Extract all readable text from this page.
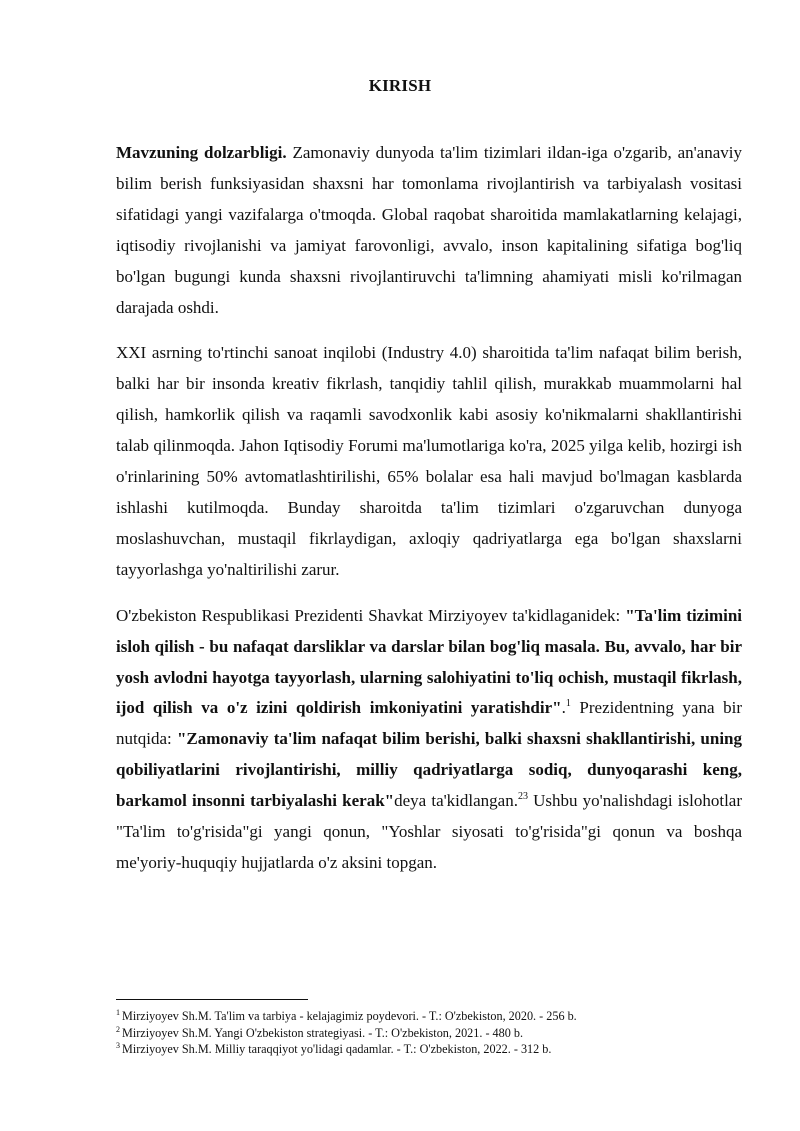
KIRISH

Mavzuning dolzarbligi. Zamonaviy dunyoda ta'lim tizimlari ildan-iga o'zgarib, an'anaviy bilim berish funksiyasidan shaxsni har tomonlama rivojlantirish va tarbiyalash vositasi sifatidagi yangi vazifalarga o'tmoqda. Global raqobat sharoitida mamlakatlarning kelajagi, iqtisodiy rivojlanishi va jamiyat farovonligi, avvalo, inson kapitalining sifatiga bog'liq bo'lgan bugungi kunda shaxsni rivojlantiruvchi ta'limning ahamiyati misli ko'rilmagan darajada oshdi.

XXI asrning to'rtinchi sanoat inqilobi (Industry 4.0) sharoitida ta'lim nafaqat bilim berish, balki har bir insonda kreativ fikrlash, tanqidiy tahlil qilish, murakkab muammolarni hal qilish, hamkorlik qilish va raqamli savodxonlik kabi asosiy ko'nikmalarni shakllantirishi talab qilinmoqda. Jahon Iqtisodiy Forumi ma'lumotlariga ko'ra, 2025 yilga kelib, hozirgi ish o'rinlarining 50% avtomatlashtirilishi, 65% bolalar esa hali mavjud bo'lmagan kasblarda ishlashi kutilmoqda. Bunday sharoitda ta'lim tizimlari o'zgaruvchan dunyoga moslashuvchan, mustaqil fikrlaydigan, axloqiy qadriyatlarga ega bo'lgan shaxslarni tayyorlashga yo'naltirilishi zarur.

O'zbekiston Respublikasi Prezidenti Shavkat Mirziyoyev ta'kidlaganidek: "Ta'lim tizimini isloh qilish - bu nafaqat darsliklar va darslar bilan bog'liq masala. Bu, avvalo, har bir yosh avlodni hayotga tayyorlash, ularning salohiyatini to'liq ochish, mustaqil fikrlash, ijod qilish va o'z izini qoldirish imkoniyatini yaratishdir".$^1$ Prezidentning yana bir nutqida: "Zamonaviy ta'lim nafaqat bilim berishi, balki shaxsni shakllantirishi, uning qobiliyatlarini rivojlantirishi, milliy qadriyatlarga sodiq, dunyoqarashi keng, barkamol insonni tarbiyalashi kerak"deya ta'kidlangan.$^{23}$ Ushbu yo'nalishdagi islohotlar "Ta'lim to'g'risida"gi yangi qonun, "Yoshlar siyosati to'g'risida"gi qonun va boshqa me'yoriy-huquqiy hujjatlarda o'z aksini topgan.

$^1$ Mirziyoyev Sh.M. Ta'lim va tarbiya - kelajagimiz poydevori. - T.: O'zbekiston, 2020. - 256 b.
$^2$ Mirziyoyev Sh.M. Yangi O'zbekiston strategiyasi. - T.: O'zbekiston, 2021. - 480 b.
$^3$ Mirziyoyev Sh.M. Milliy taraqqiyot yo'lidagi qadamlar. - T.: O'zbekiston, 2022. - 312 b.
